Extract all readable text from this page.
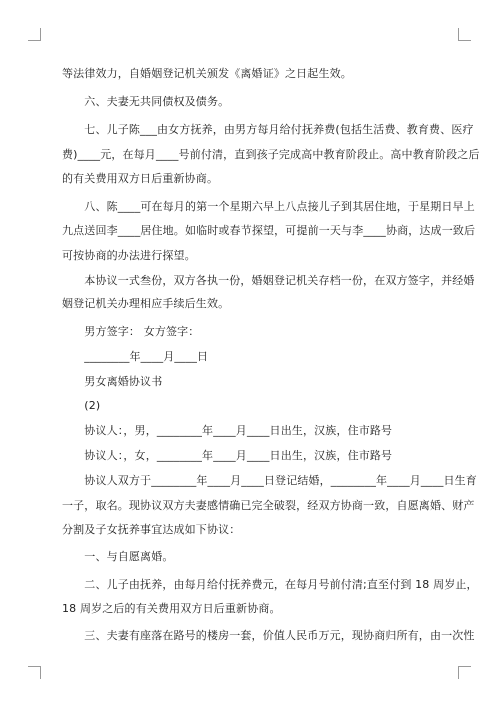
等法律效力，自婚姻登记机关颁发《离婚证》之日起生效。
　　六、夫妻无共同债权及债务。
　　七、儿子陈___由女方抚养，由男方每月给付抚养费(包括生活费、教育费、医疗
费)____元，在每月____号前付清，直到孩子完成高中教育阶段止。高中教育阶段之后
的有关费用双方日后重新协商。
　　八、陈____可在每月的第一个星期六早上八点接儿子到其居住地，于星期日早上
九点送回李____居住地。如临时或春节探望，可提前一天与李____协商，达成一致后
可按协商的办法进行探望。
　　本协议一式叁份，双方各执一份，婚姻登记机关存档一份，在双方签字，并经婚
姻登记机关办理相应手续后生效。
　　男方签字： 女方签字：
　　________年____月____日
　　男女离婚协议书
　　(2)
　　协议人：，男，________年____月____日出生，汉族，住市路号
　　协议人：，女，________年____月____日出生，汉族，住市路号
　　协议人双方于________年____月____日登记结婚，________年____月____日生育
一子，取名。现协议双方夫妻感情确已完全破裂，经双方协商一致，自愿离婚、财产
分割及子女抚养事宜达成如下协议：
　　一、与自愿离婚。
　　二、儿子由抚养，由每月给付抚养费元，在每月号前付清;直至付到 18 周岁止，
18 周岁之后的有关费用双方日后重新协商。
　　三、夫妻有座落在路号的楼房一套，价值人民币万元，现协商归所有，由一次性
